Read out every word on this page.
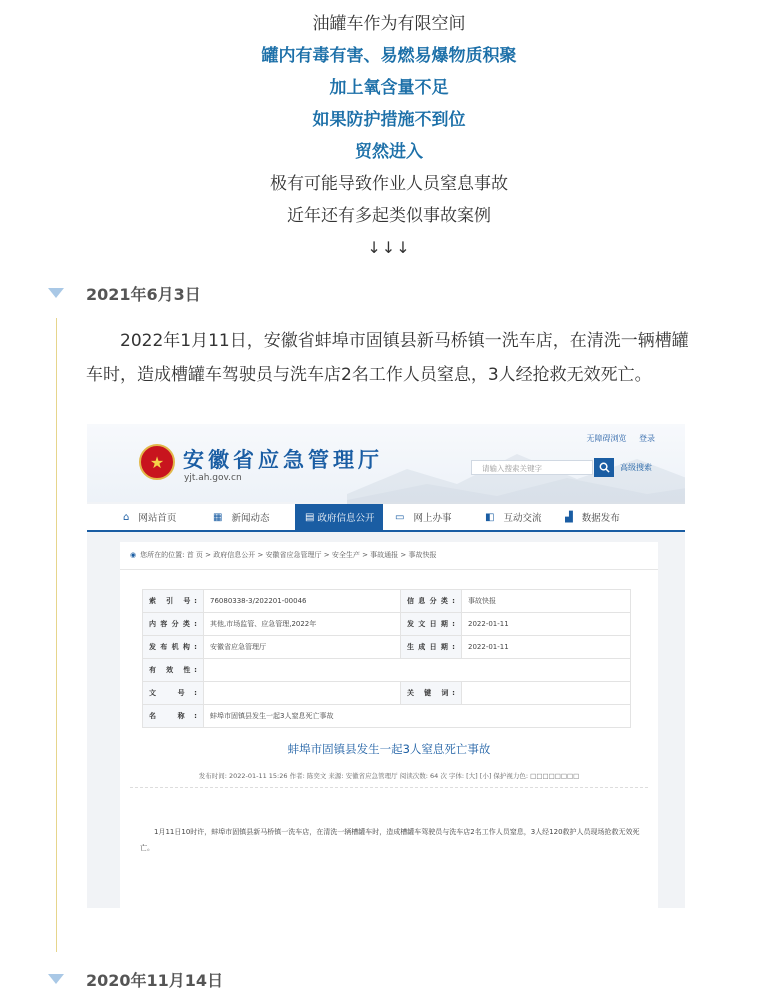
油罐车作为有限空间
罐内有毒有害、易燃易爆物质积聚
加上氧含量不足
如果防护措施不到位
贸然进入
极有可能导致作业人员窒息事故
近年还有多起类似事故案例
↓↓↓
2021年6月3日

2022年1月11日，安徽省蚌埠市固镇县新马桥镇一洗车店，在清洗一辆槽罐车时，造成槽罐车驾驶员与洗车店2名工作人员窒息，3人经抢救无效死亡。

★ 安徽省应急管理厅
yjt.ah.gov.cn
无障碍浏览 登录
请输入搜索关键字	高级搜索
⌂ 网站首页	▦ 新闻动态	▤ 政府信息公开 ▭ 网上办事	◧ 互动交流 ▟ 数据发布
◉ 您所在的位置: 首 页 > 政府信息公开 > 安徽省应急管理厅 > 安全生产 > 事故通报 > 事故快报
索 引 号:	76080338-3/202201-00046	信息分类:	事故快报
内容分类:	其他,市场监管、应急管理,2022年	发文日期:	2022-01-11
发布机构:	安徽省应急管理厅	生成日期:	2022-01-11
有 效 性:			
文 号:		关 键 词:	
名 称:	蚌埠市固镇县发生一起3人窒息死亡事故		
蚌埠市固镇县发生一起3人窒息死亡事故
发布时间: 2022-01-11 15:26 作者: 陈奕文 来源: 安徽省应急管理厅 阅读次数: 64 次 字体: [大] [小] 保护视力色: □□□□□□□□

1月11日10时许，蚌埠市固镇县新马桥镇一洗车店，在清洗一辆槽罐车时，造成槽罐车驾驶员与洗车店2名工作人员窒息，3人经120救护人员现场抢救无效死亡。

2020年11月14日
